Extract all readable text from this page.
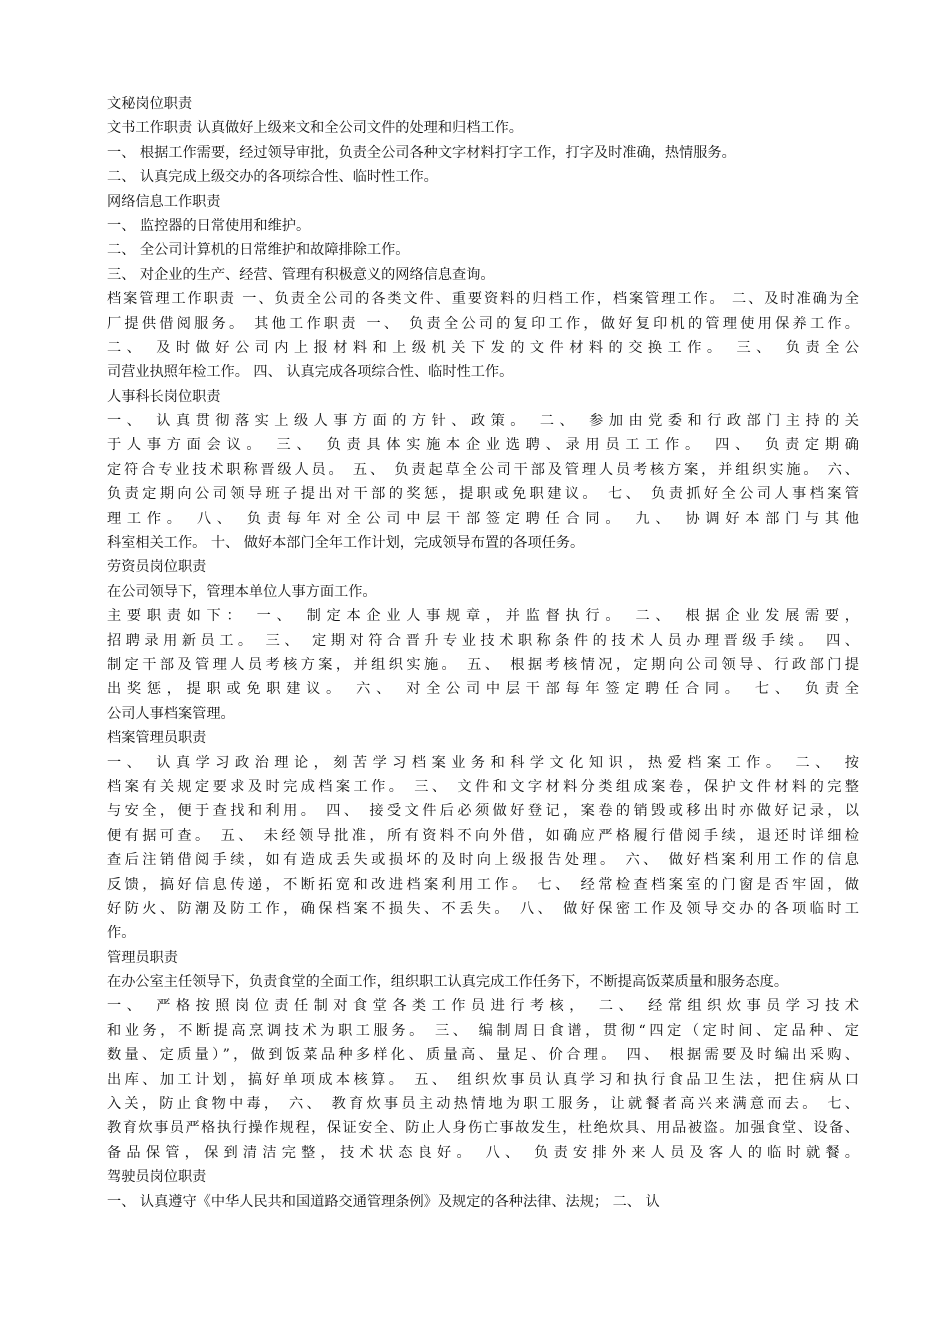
文秘岗位职责
文书工作职责 认真做好上级来文和全公司文件的处理和归档工作。
一、 根据工作需要，经过领导审批，负责全公司各种文字材料打字工作，打字及时准确，热情服务。
二、 认真完成上级交办的各项综合性、临时性工作。
网络信息工作职责
一、 监控器的日常使用和维护。
二、 全公司计算机的日常维护和故障排除工作。
三、 对企业的生产、经营、管理有积极意义的网络信息查询。
档案管理工作职责 一、负责全公司的各类文件、重要资料的归档工作，档案管理工作。 二、及时准确为全
厂提供借阅服务。 其他工作职责 一、 负责全公司的复印工作，做好复印机的管理使用保养工作。
二、 及时做好公司内上报材料和上级机关下发的文件材料的交换工作。 三、 负责全公
司营业执照年检工作。 四、 认真完成各项综合性、临时性工作。
人事科长岗位职责
一、 认真贯彻落实上级人事方面的方针、政策。 二、 参加由党委和行政部门主持的关
于人事方面会议。 三、 负责具体实施本企业选聘、录用员工工作。 四、 负责定期确
定符合专业技术职称晋级人员。 五、 负责起草全公司干部及管理人员考核方案，并组织实施。 六、
负责定期向公司领导班子提出对干部的奖惩，提职或免职建议。 七、 负责抓好全公司人事档案管
理工作。 八、 负责每年对全公司中层干部签定聘任合同。 九、 协调好本部门与其他
科室相关工作。 十、 做好本部门全年工作计划，完成领导布置的各项任务。
劳资员岗位职责
在公司领导下，管理本单位人事方面工作。
主要职责如下： 一、 制定本企业人事规章，并监督执行。 二、 根据企业发展需要，
招聘录用新员工。 三、 定期对符合晋升专业技术职称条件的技术人员办理晋级手续。 四、
制定干部及管理人员考核方案，并组织实施。 五、 根据考核情况，定期向公司领导、行政部门提
出奖惩，提职或免职建议。 六、 对全公司中层干部每年签定聘任合同。 七、 负责全
公司人事档案管理。
档案管理员职责
一、 认真学习政治理论，刻苦学习档案业务和科学文化知识，热爱档案工作。 二、 按
档案有关规定要求及时完成档案工作。 三、 文件和文字材料分类组成案卷，保护文件材料的完整
与安全，便于查找和利用。 四、 接受文件后必须做好登记，案卷的销毁或移出时亦做好记录，以
便有据可查。 五、 未经领导批准，所有资料不向外借，如确应严格履行借阅手续，退还时详细检
查后注销借阅手续，如有造成丢失或损坏的及时向上级报告处理。 六、 做好档案利用工作的信息
反馈，搞好信息传递，不断拓宽和改进档案利用工作。 七、 经常检查档案室的门窗是否牢固，做
好防火、防潮及防工作，确保档案不损失、不丢失。 八、 做好保密工作及领导交办的各项临时工
作。
管理员职责
在办公室主任领导下，负责食堂的全面工作，组织职工认真完成工作任务下，不断提高饭菜质量和服务态度。
一、 严格按照岗位责任制对食堂各类工作员进行考核， 二、 经常组织炊事员学习技术
和业务，不断提高烹调技术为职工服务。 三、 编制周日食谱，贯彻“四定（定时间、定品种、定
数量、定质量）”，做到饭菜品种多样化、质量高、量足、价合理。 四、 根据需要及时编出采购、
出库、加工计划，搞好单项成本核算。 五、 组织炊事员认真学习和执行食品卫生法，把住病从口
入关，防止食物中毒， 六、 教育炊事员主动热情地为职工服务，让就餐者高兴来满意而去。 七、
教育炊事员严格执行操作规程，保证安全、防止人身伤亡事故发生，杜绝炊具、用品被盗。加强食堂、设备、
备品保管，保到清洁完整，技术状态良好。 八、 负责安排外来人员及客人的临时就餐。
驾驶员岗位职责
一、 认真遵守《中华人民共和国道路交通管理条例》及规定的各种法律、法规； 二、 认
